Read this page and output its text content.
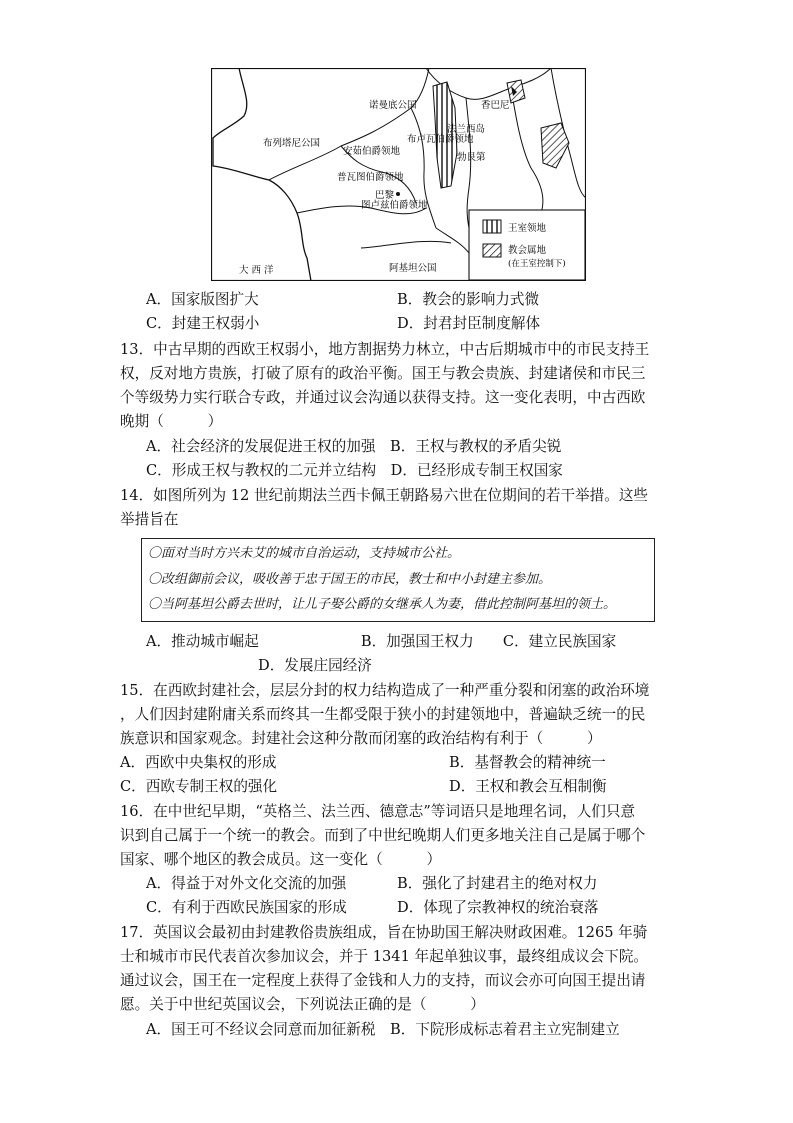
诺曼底公国
布列塔尼公国
安茹伯爵领地
布卢瓦伯爵领地
香巴尼
法兰西岛
勃艮第
普瓦图伯爵领地
图卢兹伯爵领地
阿基坦公国
大 西 洋
巴黎
王室领地
教会属地
(在王室控制下)
A．国家版图扩大	B．教会的影响力式微
C．封建王权弱小	D．封君封臣制度解体
13．中古早期的西欧王权弱小，地方割据势力林立，中古后期城市中的市民支持王
权，反对地方贵族，打破了原有的政治平衡。国王与教会贵族、封建诸侯和市民三
个等级势力实行联合专政，并通过议会沟通以获得支持。这一变化表明，中古西欧
晚期（　　　）
A．社会经济的发展促进王权的加强　B．王权与教权的矛盾尖锐
C．形成王权与教权的二元并立结构　D．已经形成专制王权国家
14．如图所列为 12 世纪前期法兰西卡佩王朝路易六世在位期间的若干举措。这些
举措旨在
〇面对当时方兴未艾的城市自治运动，支持城市公社。
〇改组御前会议，吸收善于忠于国王的市民，教士和中小封建主参加。
〇当阿基坦公爵去世时，让儿子娶公爵的女继承人为妻，借此控制阿基坦的领土。
A．推动城市崛起　　　　　　　B．加强国王权力　　C．建立民族国家
D．发展庄园经济
15．在西欧封建社会，层层分封的权力结构造成了一种严重分裂和闭塞的政治环境
，人们因封建附庸关系而终其一生都受限于狭小的封建领地中，普遍缺乏统一的民
族意识和国家观念。封建社会这种分散而闭塞的政治结构有利于（　　　）
A．西欧中央集权的形成	B．基督教会的精神统一
C．西欧专制王权的强化	D．王权和教会互相制衡
16．在中世纪早期，“英格兰、法兰西、德意志”等词语只是地理名词，人们只意
识到自己属于一个统一的教会。而到了中世纪晚期人们更多地关注自己是属于哪个
国家、哪个地区的教会成员。这一变化（　　　）
A．得益于对外文化交流的加强	B．强化了封建君主的绝对权力
C．有利于西欧民族国家的形成	D．体现了宗教神权的统治衰落
17．英国议会最初由封建教俗贵族组成，旨在协助国王解决财政困难。1265 年骑
士和城市市民代表首次参加议会，并于 1341 年起单独议事，最终组成议会下院。
通过议会，国王在一定程度上获得了金钱和人力的支持，而议会亦可向国王提出请
愿。关于中世纪英国议会，下列说法正确的是（　　　）
A．国王可不经议会同意而加征新税　B．下院形成标志着君主立宪制建立
